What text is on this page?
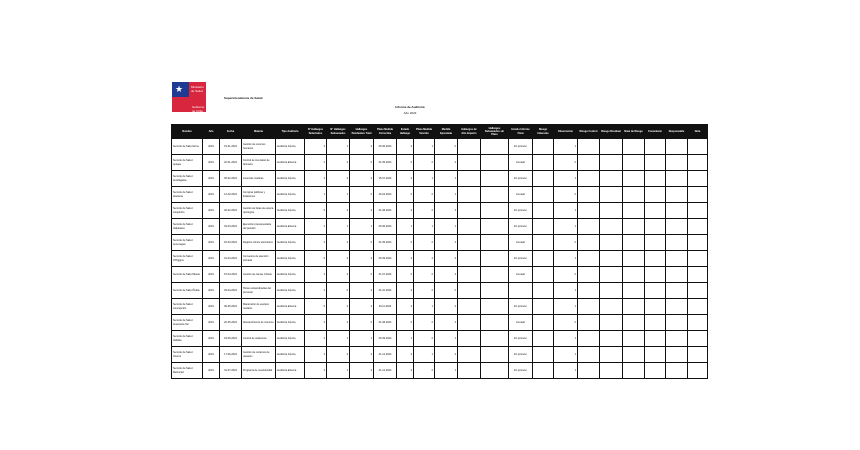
★	Ministerio de Salud
Gobierno de Chile
Superintendencia de Salud
Informe de Auditoría
Año 2024
Nombre	Año	Fecha	Materia	Tipo Auditoría	N° Hallazgos Detectados	N° Hallazgos Subsanados	Hallazgos Pendientes Total	Plazo Medida Correctiva	Estado Hallazgo	Plazo Medida Vencido	Medida Ejecutada	Hallazgos de Alto Impacto	Hallazgos Subsanados sin Plazo	Estado Informe Final	Riesgo Inherente	Observación	Riesgo Control	Riesgo Residual	Nivel de Riesgo	Comentario	Responsable	Nota
Servicio de Salud Arica	2024	15-01-2024	Gestión de recursos humanos	Auditoría Interna	3	1	2	30-06-2024	2	1	0			En proceso		1						
Servicio de Salud Iquique	2024	22-01-2024	Control de inventario de farmacia	Auditoría Externa	2	2	0	31-05-2024	0	0	2			Cerrado		0						
Servicio de Salud Antofagasta	2024	05-02-2024	Licencias médicas	Auditoría Interna	4	2	2	15-07-2024	2	1	1			En proceso		1						
Servicio de Salud Atacama	2024	12-02-2024	Compras públicas y licitaciones	Auditoría Interna	1	1	0	30-04-2024	0	0	1			Cerrado		0						
Servicio de Salud Coquimbo	2024	26-02-2024	Gestión de listas de espera quirúrgica	Auditoría Interna	5	3	2	31-08-2024	2	0	3			En proceso		1						
Servicio de Salud Valparaíso	2024	04-03-2024	Ejecución presupuestaria del periodo	Auditoría Externa	2	1	1	30-06-2024	1	1	1			En proceso		1						
Servicio de Salud Aconcagua	2024	18-03-2024	Registro clínico electrónico	Auditoría Interna	3	3	0	31-05-2024	0	0	3			Cerrado		0						
Servicio de Salud O'Higgins	2024	01-04-2024	Convenios de atención primaria	Auditoría Interna	6	2	4	30-09-2024	4	2	2			En proceso		1						
Servicio de Salud Maule	2024	15-04-2024	Gestión de camas críticas	Auditoría Interna	4	4	0	31-07-2024	0	0	4			Cerrado		0						
Servicio de Salud Ñuble	2024	29-04-2024	Horas extraordinarias del personal	Auditoría Interna	2	0	2	31-10-2024	2	0	0					1						
Servicio de Salud Concepción	2024	06-05-2024	Mantención de equipos médicos	Auditoría Externa	5	2	3	30-11-2024	3	1	2			En proceso		1						
Servicio de Salud Araucanía Sur	2024	20-05-2024	Abastecimiento de insumos	Auditoría Interna	3	3	0	31-08-2024	0	0	3			Cerrado		0						
Servicio de Salud Valdivia	2024	03-06-2024	Control de asistencia	Auditoría Interna	2	1	1	30-09-2024	1	0	1			En proceso		1						
Servicio de Salud Osorno	2024	17-06-2024	Gestión de reclamos de usuarios	Auditoría Interna	4	2	2	31-12-2024	2	1	2			En proceso		1						
Servicio de Salud Reloncaví	2024	01-07-2024	Programa de resolutividad	Auditoría Externa	3	1	2	31-12-2024	2	0	1			En proceso		1						
